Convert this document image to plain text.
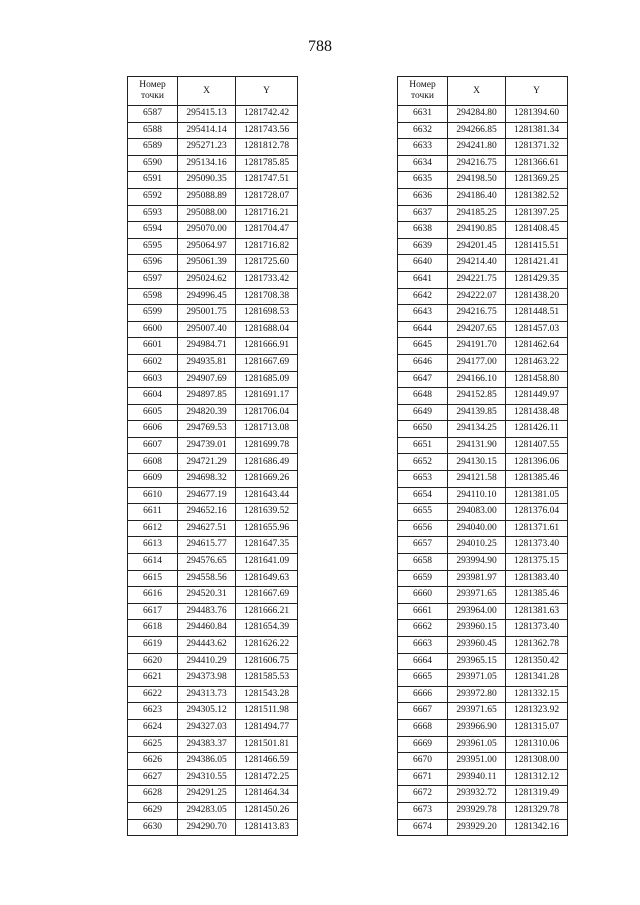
788
Номер точки	X	Y
6587	295415.13	1281742.42
6588	295414.14	1281743.56
6589	295271.23	1281812.78
6590	295134.16	1281785.85
6591	295090.35	1281747.51
6592	295088.89	1281728.07
6593	295088.00	1281716.21
6594	295070.00	1281704.47
6595	295064.97	1281716.82
6596	295061.39	1281725.60
6597	295024.62	1281733.42
6598	294996.45	1281708.38
6599	295001.75	1281698.53
6600	295007.40	1281688.04
6601	294984.71	1281666.91
6602	294935.81	1281667.69
6603	294907.69	1281685.09
6604	294897.85	1281691.17
6605	294820.39	1281706.04
6606	294769.53	1281713.08
6607	294739.01	1281699.78
6608	294721.29	1281686.49
6609	294698.32	1281669.26
6610	294677.19	1281643.44
6611	294652.16	1281639.52
6612	294627.51	1281655.96
6613	294615.77	1281647.35
6614	294576.65	1281641.09
6615	294558.56	1281649.63
6616	294520.31	1281667.69
6617	294483.76	1281666.21
6618	294460.84	1281654.39
6619	294443.62	1281626.22
6620	294410.29	1281606.75
6621	294373.98	1281585.53
6622	294313.73	1281543.28
6623	294305.12	1281511.98
6624	294327.03	1281494.77
6625	294383.37	1281501.81
6626	294386.05	1281466.59
6627	294310.55	1281472.25
6628	294291.25	1281464.34
6629	294283.05	1281450.26
6630	294290.70	1281413.83
Номер точки	X	Y
6631	294284.80	1281394.60
6632	294266.85	1281381.34
6633	294241.80	1281371.32
6634	294216.75	1281366.61
6635	294198.50	1281369.25
6636	294186.40	1281382.52
6637	294185.25	1281397.25
6638	294190.85	1281408.45
6639	294201.45	1281415.51
6640	294214.40	1281421.41
6641	294221.75	1281429.35
6642	294222.07	1281438.20
6643	294216.75	1281448.51
6644	294207.65	1281457.03
6645	294191.70	1281462.64
6646	294177.00	1281463.22
6647	294166.10	1281458.80
6648	294152.85	1281449.97
6649	294139.85	1281438.48
6650	294134.25	1281426.11
6651	294131.90	1281407.55
6652	294130.15	1281396.06
6653	294121.58	1281385.46
6654	294110.10	1281381.05
6655	294083.00	1281376.04
6656	294040.00	1281371.61
6657	294010.25	1281373.40
6658	293994.90	1281375.15
6659	293981.97	1281383.40
6660	293971.65	1281385.46
6661	293964.00	1281381.63
6662	293960.15	1281373.40
6663	293960.45	1281362.78
6664	293965.15	1281350.42
6665	293971.05	1281341.28
6666	293972.80	1281332.15
6667	293971.65	1281323.92
6668	293966.90	1281315.07
6669	293961.05	1281310.06
6670	293951.00	1281308.00
6671	293940.11	1281312.12
6672	293932.72	1281319.49
6673	293929.78	1281329.78
6674	293929.20	1281342.16
